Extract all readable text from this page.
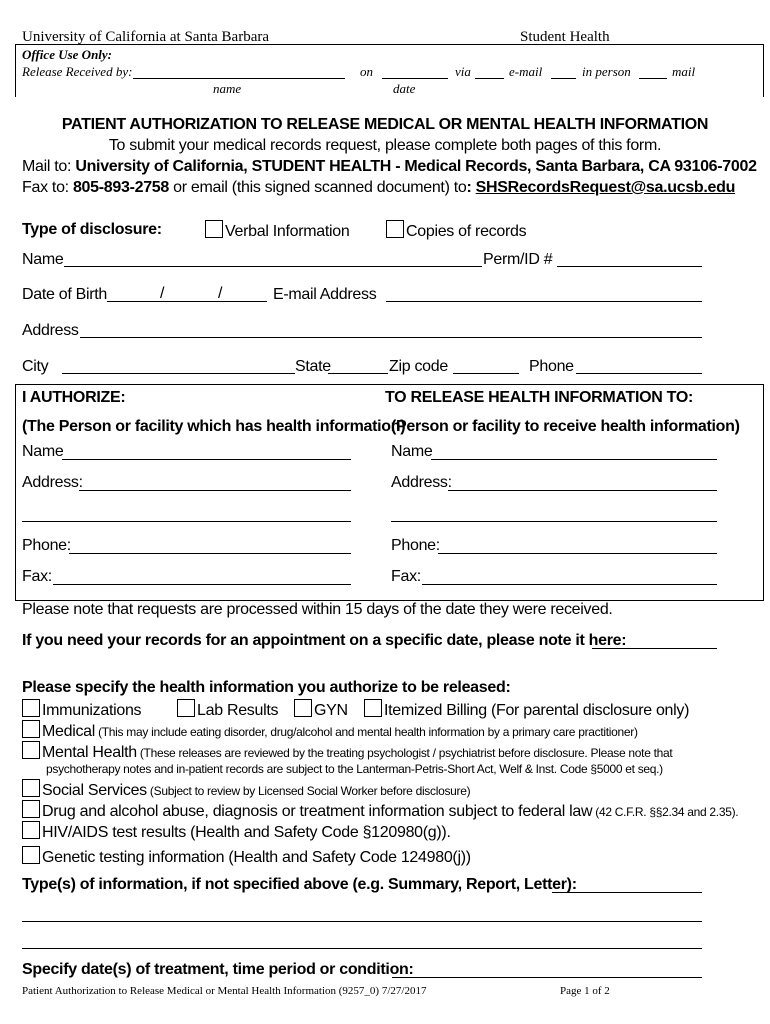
University of California at Santa Barbara	Student Health
Office Use Only:
Release Received by:	on	via	e-mail	in person	mail
name	date
PATIENT AUTHORIZATION TO RELEASE MEDICAL OR MENTAL HEALTH INFORMATION
To submit your medical records request, please complete both pages of this form.
Mail to: University of California, STUDENT HEALTH - Medical Records, Santa Barbara, CA 93106-7002
Fax to: 805-893-2758 or email (this signed scanned document) to: SHSRecordsRequest@sa.ucsb.edu
Type of disclosure:	Verbal Information	Copies of records
Name	Perm/ID #
Date of Birth	/	/	E-mail Address
Address
City	State	Zip code	Phone
I AUTHORIZE:	TO RELEASE HEALTH INFORMATION TO:
(The Person or facility which has health information)
(Person or facility to receive health information)
Name	Name
Address:	Address:
Phone:	Phone:
Fax:	Fax:
Please note that requests are processed within 15 days of the date they were received.
If you need your records for an appointment on a specific date, please note it here:
Please specify the health information you authorize to be released:
Immunizations	Lab Results	GYN	Itemized Billing (For parental disclosure only)
Medical (This may include eating disorder, drug/alcohol and mental health information by a primary care practitioner)
Mental Health (These releases are reviewed by the treating psychologist / psychiatrist before disclosure. Please note that
psychotherapy notes and in-patient records are subject to the Lanterman-Petris-Short Act, Welf & Inst. Code §5000 et seq.)
Social Services (Subject to review by Licensed Social Worker before disclosure)
Drug and alcohol abuse, diagnosis or treatment information subject to federal law (42 C.F.R. §§2.34 and 2.35).
HIV/AIDS test results (Health and Safety Code §120980(g)).
Genetic testing information (Health and Safety Code 124980(j))
Type(s) of information, if not specified above (e.g. Summary, Report, Letter):
Specify date(s) of treatment, time period or condition:
Patient Authorization to Release Medical or Mental Health Information (9257_0) 7/27/2017	Page 1 of 2
